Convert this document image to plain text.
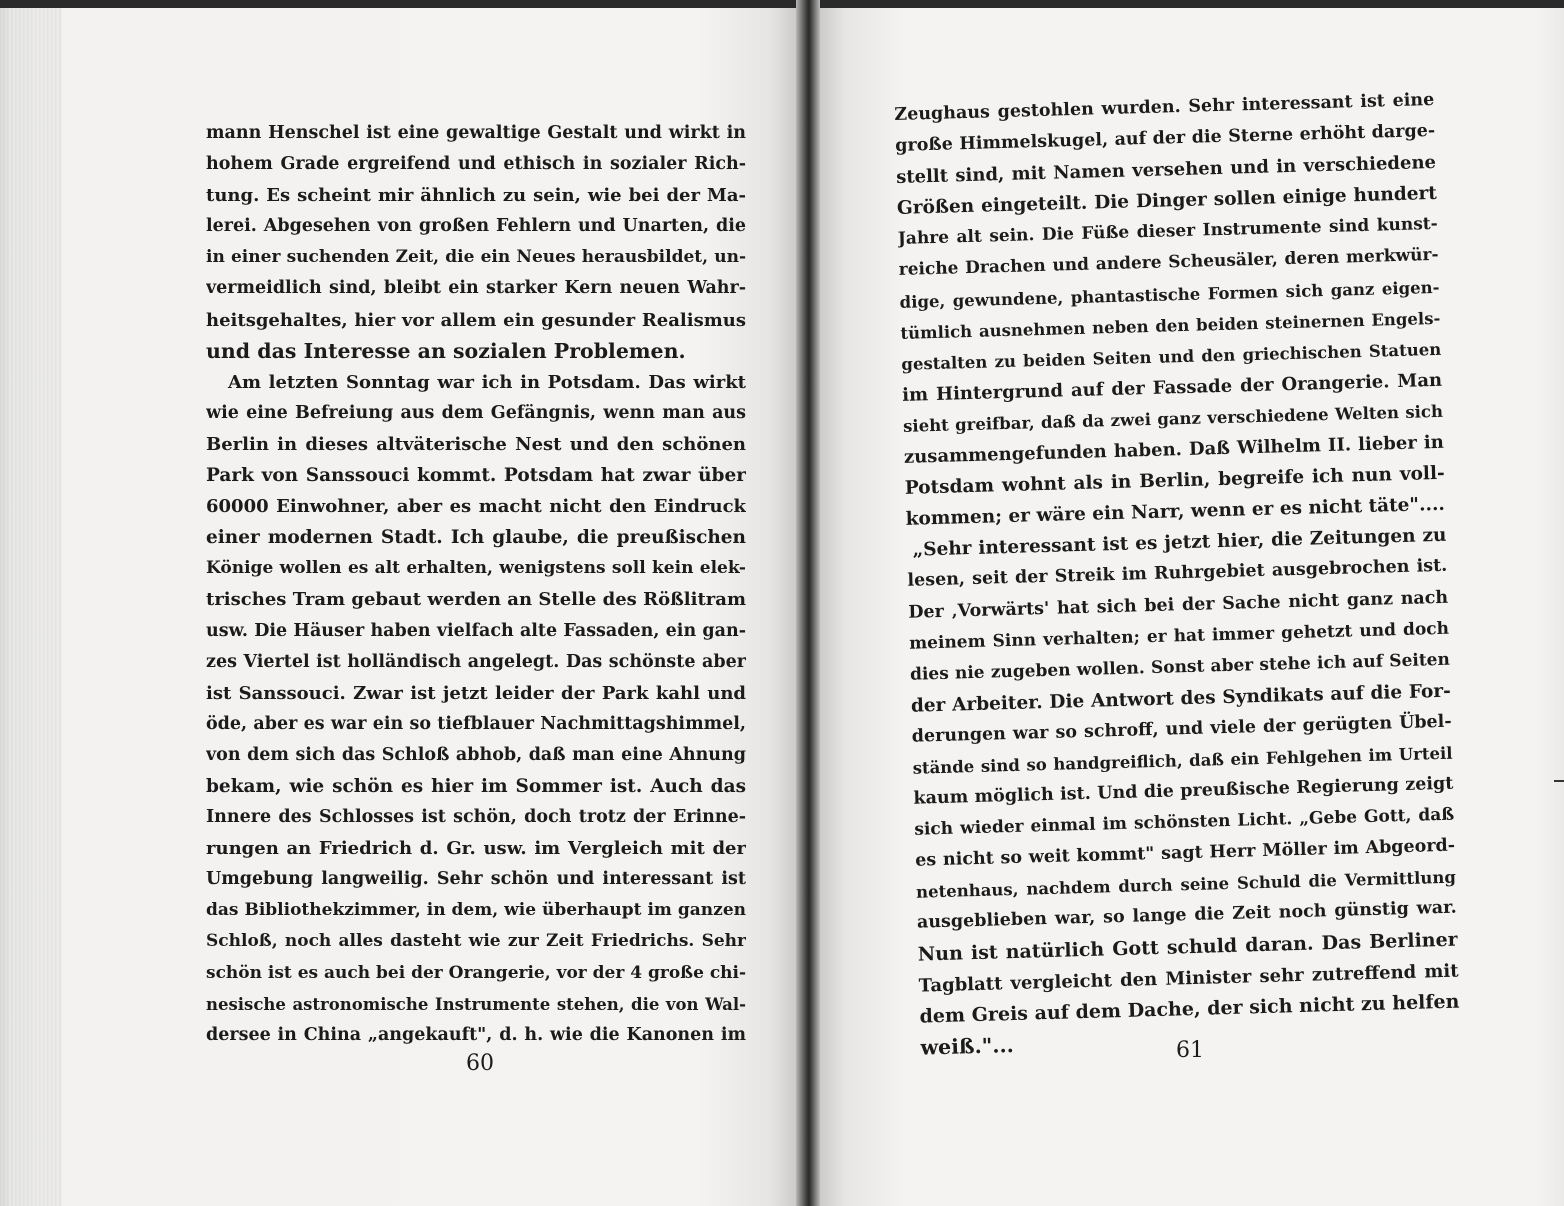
mann Henschel ist eine gewaltige Gestalt und wirkt in
hohem Grade ergreifend und ethisch in sozialer Rich-
tung. Es scheint mir ähnlich zu sein, wie bei der Ma-
lerei. Abgesehen von großen Fehlern und Unarten, die
in einer suchenden Zeit, die ein Neues herausbildet, un-
vermeidlich sind, bleibt ein starker Kern neuen Wahr-
heitsgehaltes, hier vor allem ein gesunder Realismus
und das Interesse an sozialen Problemen.
Am letzten Sonntag war ich in Potsdam. Das wirkt
wie eine Befreiung aus dem Gefängnis, wenn man aus
Berlin in dieses altväterische Nest und den schönen
Park von Sanssouci kommt. Potsdam hat zwar über
60000 Einwohner, aber es macht nicht den Eindruck
einer modernen Stadt. Ich glaube, die preußischen
Könige wollen es alt erhalten, wenigstens soll kein elek-
trisches Tram gebaut werden an Stelle des Rößlitram
usw. Die Häuser haben vielfach alte Fassaden, ein gan-
zes Viertel ist holländisch angelegt. Das schönste aber
ist Sanssouci. Zwar ist jetzt leider der Park kahl und
öde, aber es war ein so tiefblauer Nachmittagshimmel,
von dem sich das Schloß abhob, daß man eine Ahnung
bekam, wie schön es hier im Sommer ist. Auch das
Innere des Schlosses ist schön, doch trotz der Erinne-
rungen an Friedrich d. Gr. usw. im Vergleich mit der
Umgebung langweilig. Sehr schön und interessant ist
das Bibliothekzimmer, in dem, wie überhaupt im ganzen
Schloß, noch alles dasteht wie zur Zeit Friedrichs. Sehr
schön ist es auch bei der Orangerie, vor der 4 große chi-
nesische astronomische Instrumente stehen, die von Wal-
dersee in China „angekauft", d. h. wie die Kanonen im
60
Zeughaus gestohlen wurden. Sehr interessant ist eine
große Himmelskugel, auf der die Sterne erhöht darge-
stellt sind, mit Namen versehen und in verschiedene
Größen eingeteilt. Die Dinger sollen einige hundert
Jahre alt sein. Die Füße dieser Instrumente sind kunst-
reiche Drachen und andere Scheusäler, deren merkwür-
dige, gewundene, phantastische Formen sich ganz eigen-
tümlich ausnehmen neben den beiden steinernen Engels-
gestalten zu beiden Seiten und den griechischen Statuen
im Hintergrund auf der Fassade der Orangerie. Man
sieht greifbar, daß da zwei ganz verschiedene Welten sich
zusammengefunden haben. Daß Wilhelm II. lieber in
Potsdam wohnt als in Berlin, begreife ich nun voll-
kommen; er wäre ein Narr, wenn er es nicht täte"....
„Sehr interessant ist es jetzt hier, die Zeitungen zu
lesen, seit der Streik im Ruhrgebiet ausgebrochen ist.
Der ‚Vorwärts' hat sich bei der Sache nicht ganz nach
meinem Sinn verhalten; er hat immer gehetzt und doch
dies nie zugeben wollen. Sonst aber stehe ich auf Seiten
der Arbeiter. Die Antwort des Syndikats auf die For-
derungen war so schroff, und viele der gerügten Übel-
stände sind so handgreiflich, daß ein Fehlgehen im Urteil
kaum möglich ist. Und die preußische Regierung zeigt
sich wieder einmal im schönsten Licht. „Gebe Gott, daß
es nicht so weit kommt" sagt Herr Möller im Abgeord-
netenhaus, nachdem durch seine Schuld die Vermittlung
ausgeblieben war, so lange die Zeit noch günstig war.
Nun ist natürlich Gott schuld daran. Das Berliner
Tagblatt vergleicht den Minister sehr zutreffend mit
dem Greis auf dem Dache, der sich nicht zu helfen
weiß."...	61
